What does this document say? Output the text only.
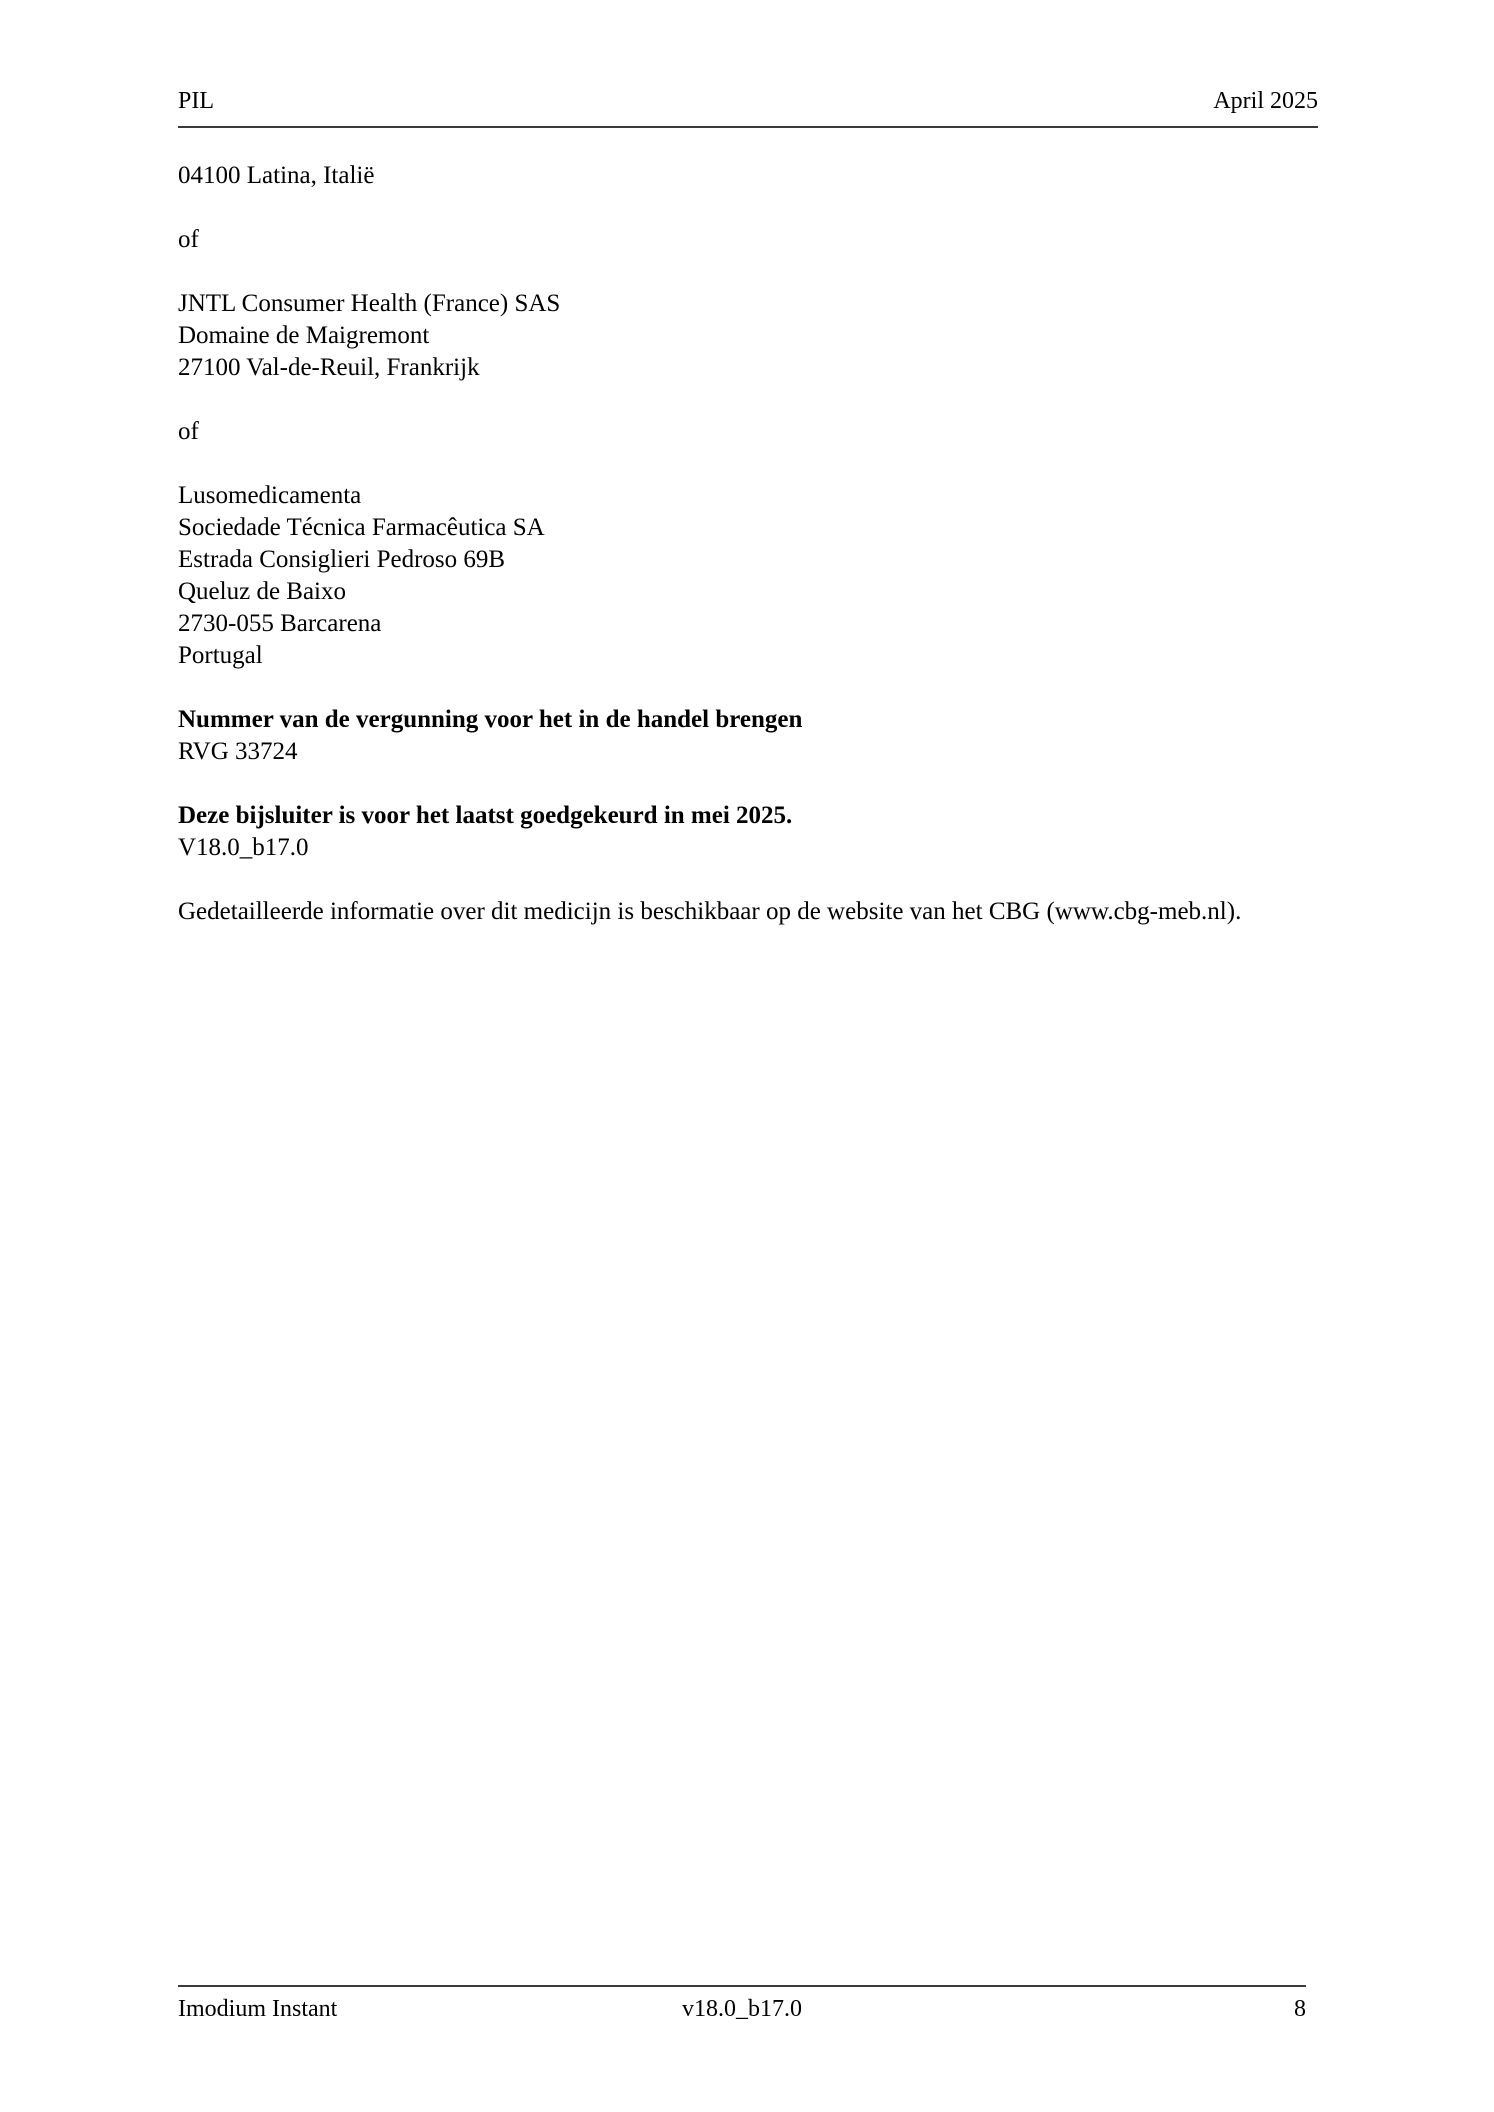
PIL	April 2025
04100 Latina, Italië
of
JNTL Consumer Health (France) SAS
Domaine de Maigremont
27100 Val-de-Reuil, Frankrijk
of
Lusomedicamenta
Sociedade Técnica Farmacêutica SA
Estrada Consiglieri Pedroso 69B
Queluz de Baixo
2730-055 Barcarena
Portugal
Nummer van de vergunning voor het in de handel brengen
RVG 33724
Deze bijsluiter is voor het laatst goedgekeurd in mei 2025.
V18.0_b17.0

Gedetailleerde informatie over dit medicijn is beschikbaar op de website van het CBG (www.cbg-meb.nl).

Imodium Instant	v18.0_b17.0	8
